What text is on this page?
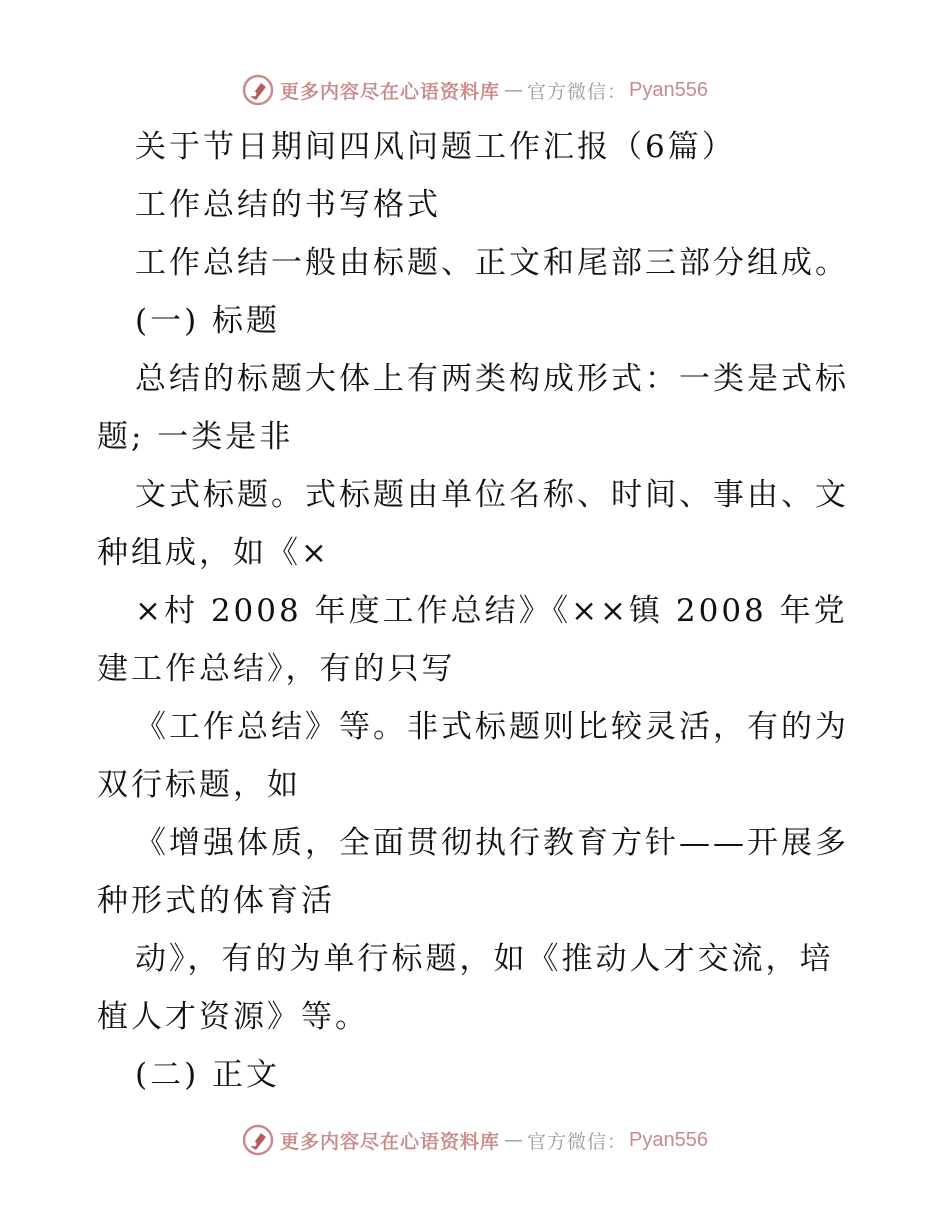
更多内容尽在心语资料库 — 官方微信： Pyan556
关于节日期间四风问题工作汇报（6篇）
工作总结的书写格式
工作总结一般由标题、正文和尾部三部分组成。
(一) 标题
总结的标题大体上有两类构成形式：一类是式标
题; 一类是非
文式标题。式标题由单位名称、时间、事由、文
种组成，如《×
×村 2008 年度工作总结》《××镇 2008 年党
建工作总结》，有的只写
《工作总结》等。非式标题则比较灵活，有的为
双行标题，如
《增强体质，全面贯彻执行教育方针——开展多
种形式的体育活
动》，有的为单行标题，如《推动人才交流，培
植人才资源》等。
(二) 正文
更多内容尽在心语资料库 — 官方微信： Pyan556
